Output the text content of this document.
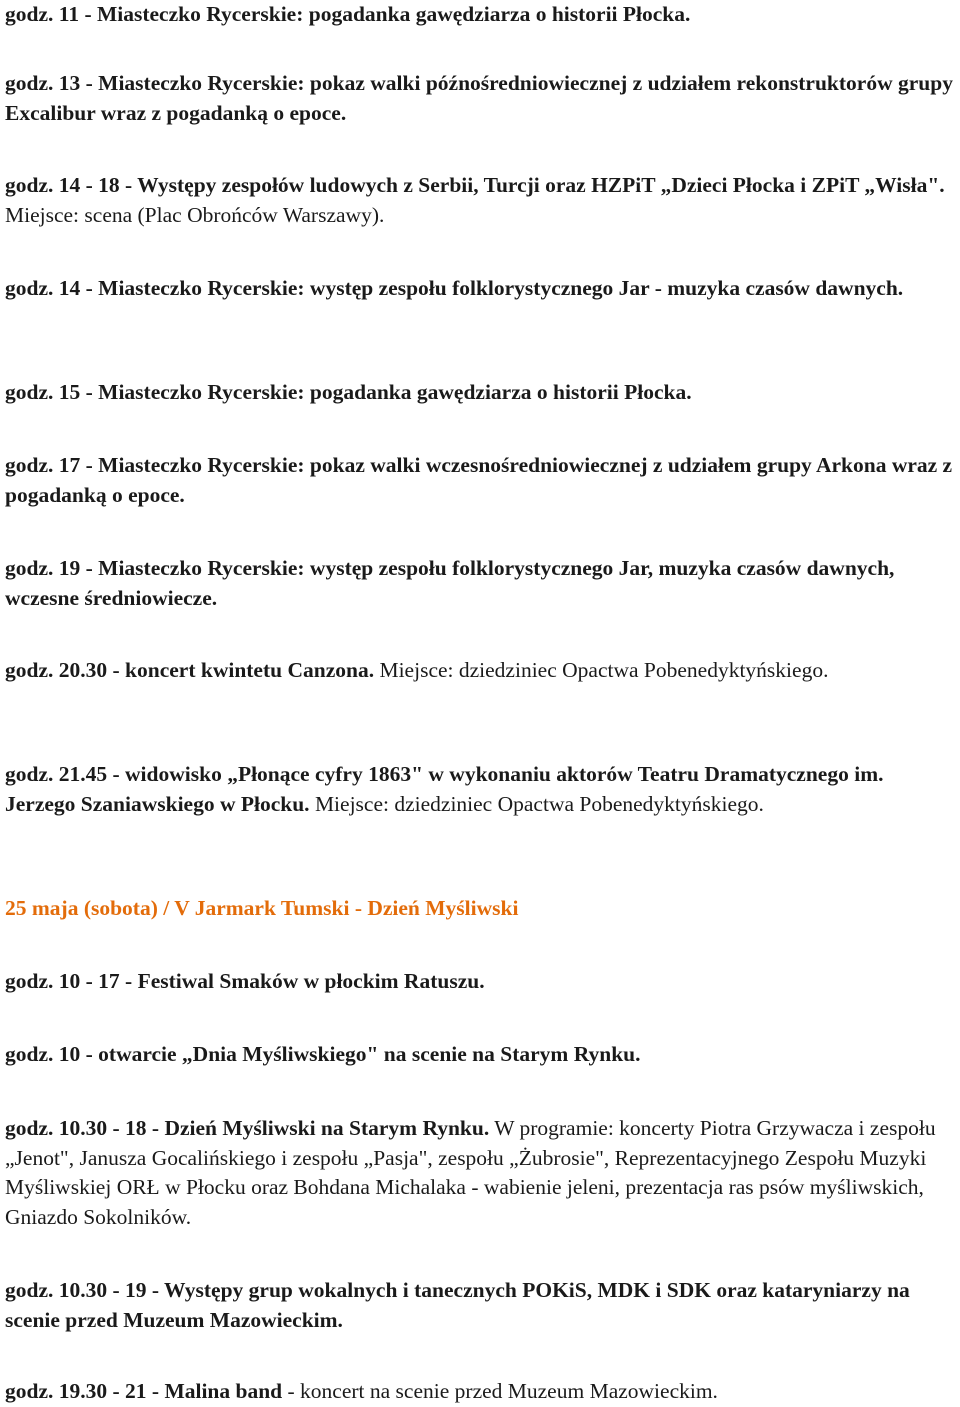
godz. 11 - Miasteczko Rycerskie: pogadanka gawędziarza o historii Płocka.

godz. 13 - Miasteczko Rycerskie: pokaz walki późnośredniowiecznej z udziałem rekonstruktorów grupy Excalibur wraz z pogadanką o epoce.

godz. 14 - 18 - Występy zespołów ludowych z Serbii, Turcji oraz HZPiT „Dzieci Płocka i ZPiT „Wisła". Miejsce: scena (Plac Obrońców Warszawy).

godz. 14 - Miasteczko Rycerskie: występ zespołu folklorystycznego Jar - muzyka czasów dawnych.

godz. 15 - Miasteczko Rycerskie: pogadanka gawędziarza o historii Płocka.

godz. 17 - Miasteczko Rycerskie: pokaz walki wczesnośredniowiecznej z udziałem grupy Arkona wraz z pogadanką o epoce.

godz. 19 - Miasteczko Rycerskie: występ zespołu folklorystycznego Jar, muzyka czasów dawnych, wczesne średniowiecze.

godz. 20.30 - koncert kwintetu Canzona. Miejsce: dziedziniec Opactwa Pobenedyktyńskiego.

godz. 21.45 - widowisko „Płonące cyfry 1863" w wykonaniu aktorów Teatru Dramatycznego im. Jerzego Szaniawskiego w Płocku. Miejsce: dziedziniec Opactwa Pobenedyktyńskiego.

25 maja (sobota) / V Jarmark Tumski - Dzień Myśliwski

godz. 10 - 17 - Festiwal Smaków w płockim Ratuszu.

godz. 10 - otwarcie „Dnia Myśliwskiego" na scenie na Starym Rynku.

godz. 10.30 - 18 - Dzień Myśliwski na Starym Rynku. W programie: koncerty Piotra Grzywacza i zespołu „Jenot", Janusza Gocalińskiego i zespołu „Pasja", zespołu „Żubrosie", Reprezentacyjnego Zespołu Muzyki Myśliwskiej ORŁ w Płocku oraz Bohdana Michalaka - wabienie jeleni, prezentacja ras psów myśliwskich, Gniazdo Sokolników.

godz. 10.30 - 19 - Występy grup wokalnych i tanecznych POKiS, MDK i SDK oraz kataryniarzy na scenie przed Muzeum Mazowieckim.

godz. 19.30 - 21 - Malina band - koncert na scenie przed Muzeum Mazowieckim.
